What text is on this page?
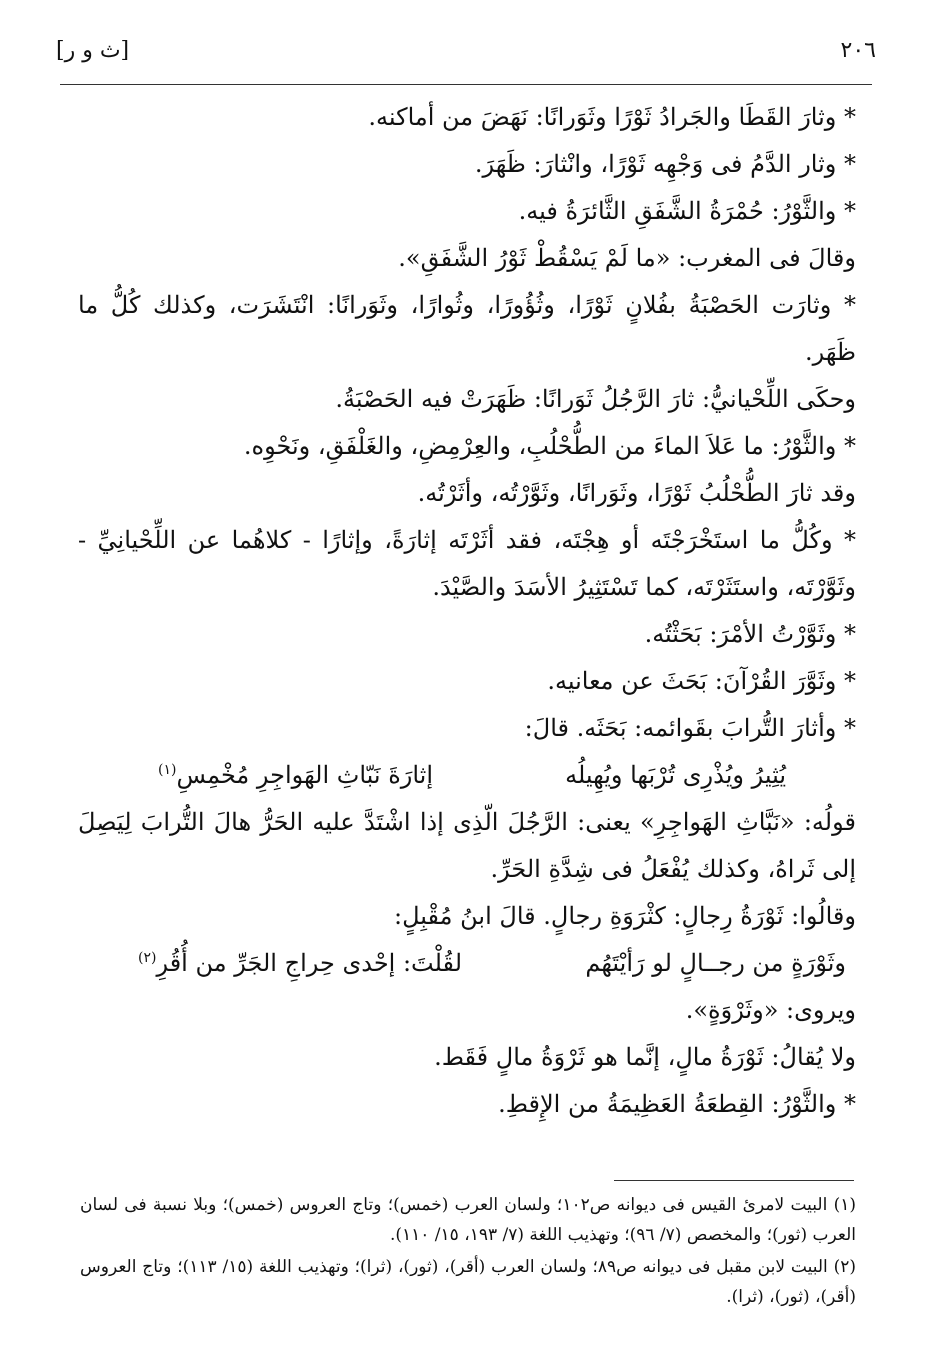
٢٠٦
[ث و ر]

* وثارَ القَطَا والجَرادُ ثَوْرًا وثَوَرانًا: نَهَضَ من أماكنه.

* وثار الدَّمُ فى وَجْهِه ثَوْرًا، وانْثارَ: ظَهَرَ.

* والثَّوْرُ: حُمْرَةُ الشَّفَقِ الثَّائرَةُ فيه.

وقالَ فى المغرب: «ما لَمْ يَسْقُطْ ثَوْرُ الشَّفَقِ».

* وثارَت الحَصْبَةُ بفُلانٍ ثَوْرًا، وثُؤُورًا، وثُوارًا، وثَوَرانًا: انْتَشَرَت، وكذلك كُلُّ ما ظَهَر.

وحكَى اللِّحْيانيُّ: ثارَ الرَّجُلُ ثَوَرانًا: ظَهَرَتْ فيه الحَصْبَةُ.

* والثَّوْرُ: ما عَلاَ الماءَ من الطُّحْلُبِ، والعِرْمِضِ، والغَلْفَقِ، ونَحْوِه.

وقد ثارَ الطُّحْلُبُ ثَوْرًا، وثَوَرانًا، وثَوَّرْتُه، وأثَرْتُه.

* وكُلُّ ما استَخْرَجْتَه أو هِجْتَه، فقد أثَرْتَه إثارَةً، وإثارًا - كلاهُما عن اللِّحْيانِيِّ - وثَوَّرْتَه، واستَثَرْتَه، كما تَسْتَثِيرُ الأسَدَ والصَّيْدَ.

* وثَوَّرْتُ الأمْرَ: بَحَثْتُه.

* وثَوَّرَ القُرْآنَ: بَحَثَ عن معانيه.

* وأثارَ التُّرابَ بقَوائمه: بَحَثَه. قالَ:

يُثِيرُ ويُذْرِى تُرْبَها ويُهِيلُه
إثارَةَ نَبّاثِ الهَواجِرِ مُخْمِسِ$^{(١)}$

قولُه: «نَبَّاثِ الهَواجِرِ» يعنى: الرَّجُلَ الّذِى إذا اشْتَدَّ عليه الحَرُّ هالَ التُّرابَ لِيَصِلَ إلى ثَراهُ، وكذلك يُفْعَلُ فى شِدَّةِ الحَرِّ.

وقالُوا: ثَوْرَةُ رِجالٍ: كثْرَوَةِ رجالٍ. قالَ ابنُ مُقْبِلٍ:

وثَوْرَةٍ من رجــالٍ لو رَأيْتَهُم
لقُلْتَ: إحْدى حِراجِ الجَرِّ من أُقُرِ$^{(٢)}$

ويروى: «وثَرْوَةٍ».

ولا يُقالُ: ثَوْرَةُ مالٍ، إنَّما هو ثَرْوَةُ مالٍ فَقَط.

* والثَّوْرُ: القِطعَةُ العَظِيمَةُ من الإِقطِ.

(١) البيت لامرئ القيس فى ديوانه ص١٠٢؛ ولسان العرب (خمس)؛ وتاج العروس (خمس)؛ وبلا نسبة فى لسان العرب (ثور)؛ والمخصص (٧/ ٩٦)؛ وتهذيب اللغة (٧/ ١٩٣، ١٥/ ١١٠).

(٢) البيت لابن مقبل فى ديوانه ص٨٩؛ ولسان العرب (أقر)، (ثور)، (ثرا)؛ وتهذيب اللغة (١٥/ ١١٣)؛ وتاج العروس (أقر)، (ثور)، (ثرا).
